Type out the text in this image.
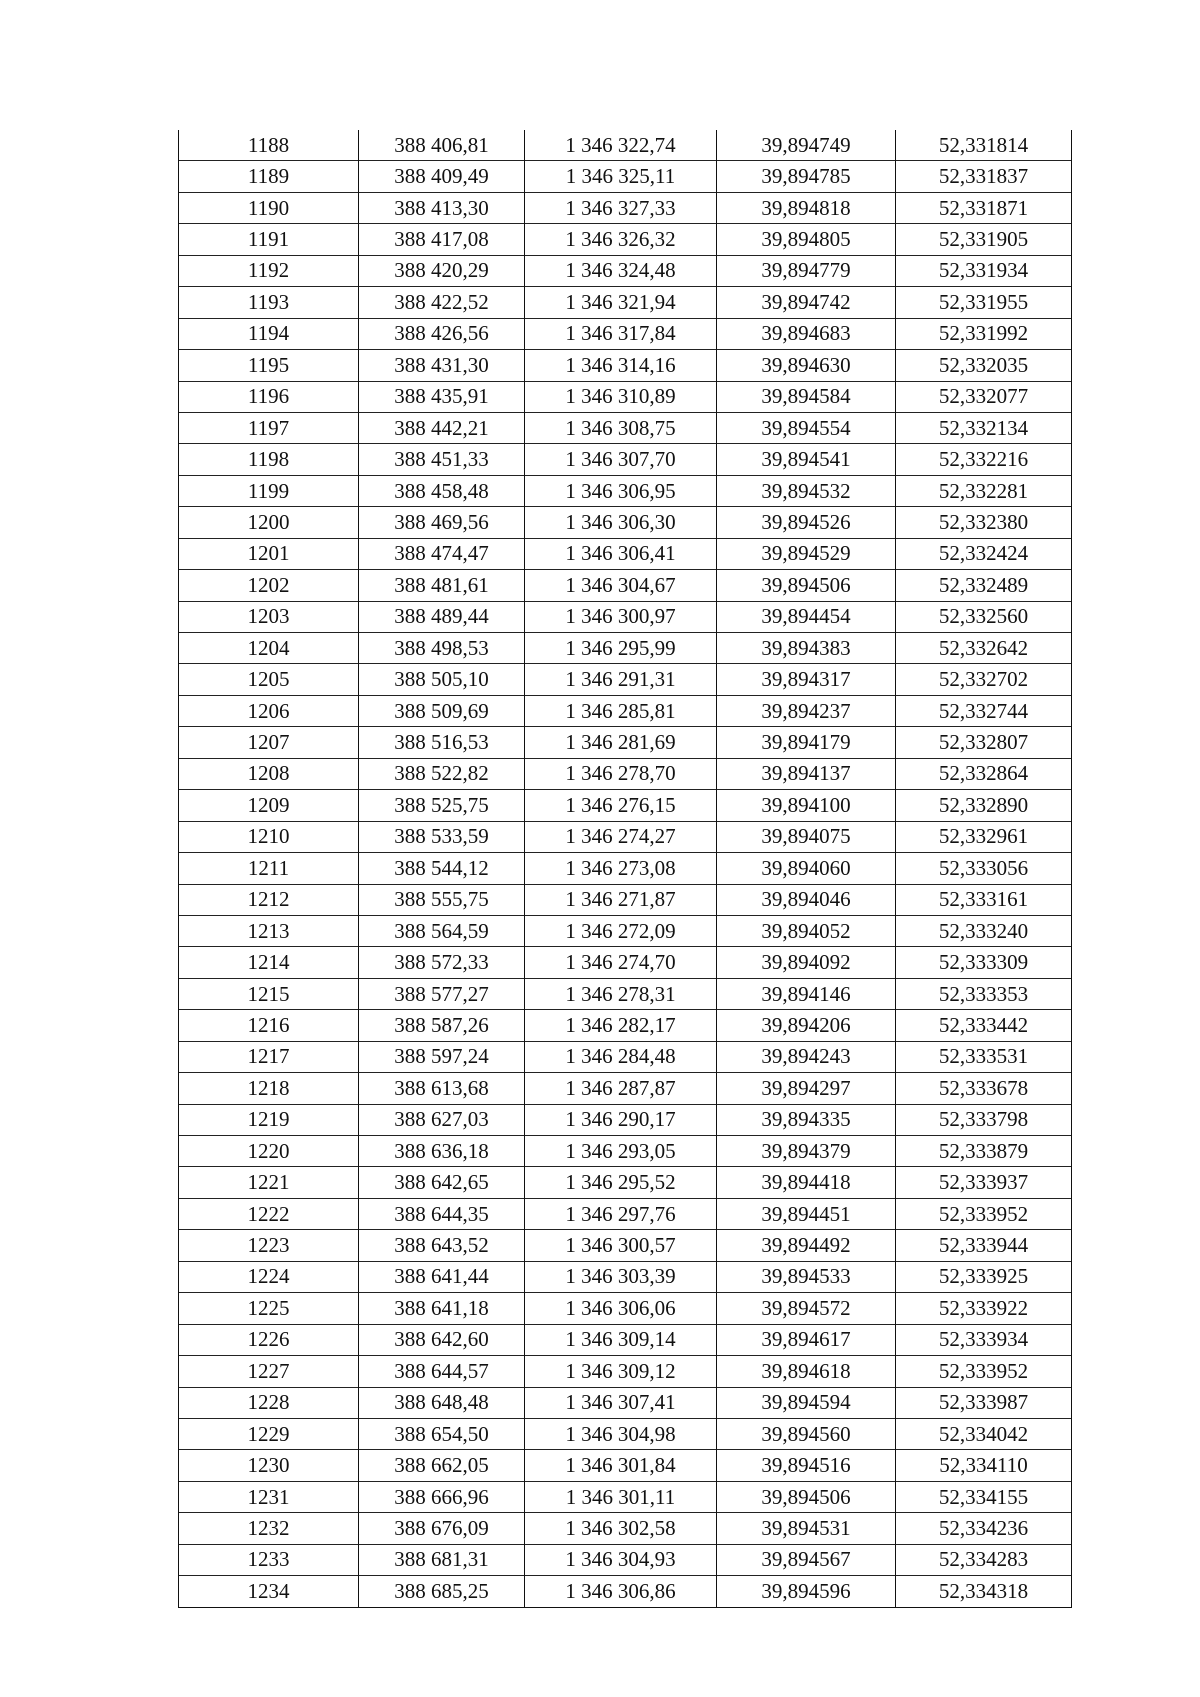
1188	388 406,81	1 346 322,74	39,894749	52,331814
1189	388 409,49	1 346 325,11	39,894785	52,331837
1190	388 413,30	1 346 327,33	39,894818	52,331871
1191	388 417,08	1 346 326,32	39,894805	52,331905
1192	388 420,29	1 346 324,48	39,894779	52,331934
1193	388 422,52	1 346 321,94	39,894742	52,331955
1194	388 426,56	1 346 317,84	39,894683	52,331992
1195	388 431,30	1 346 314,16	39,894630	52,332035
1196	388 435,91	1 346 310,89	39,894584	52,332077
1197	388 442,21	1 346 308,75	39,894554	52,332134
1198	388 451,33	1 346 307,70	39,894541	52,332216
1199	388 458,48	1 346 306,95	39,894532	52,332281
1200	388 469,56	1 346 306,30	39,894526	52,332380
1201	388 474,47	1 346 306,41	39,894529	52,332424
1202	388 481,61	1 346 304,67	39,894506	52,332489
1203	388 489,44	1 346 300,97	39,894454	52,332560
1204	388 498,53	1 346 295,99	39,894383	52,332642
1205	388 505,10	1 346 291,31	39,894317	52,332702
1206	388 509,69	1 346 285,81	39,894237	52,332744
1207	388 516,53	1 346 281,69	39,894179	52,332807
1208	388 522,82	1 346 278,70	39,894137	52,332864
1209	388 525,75	1 346 276,15	39,894100	52,332890
1210	388 533,59	1 346 274,27	39,894075	52,332961
1211	388 544,12	1 346 273,08	39,894060	52,333056
1212	388 555,75	1 346 271,87	39,894046	52,333161
1213	388 564,59	1 346 272,09	39,894052	52,333240
1214	388 572,33	1 346 274,70	39,894092	52,333309
1215	388 577,27	1 346 278,31	39,894146	52,333353
1216	388 587,26	1 346 282,17	39,894206	52,333442
1217	388 597,24	1 346 284,48	39,894243	52,333531
1218	388 613,68	1 346 287,87	39,894297	52,333678
1219	388 627,03	1 346 290,17	39,894335	52,333798
1220	388 636,18	1 346 293,05	39,894379	52,333879
1221	388 642,65	1 346 295,52	39,894418	52,333937
1222	388 644,35	1 346 297,76	39,894451	52,333952
1223	388 643,52	1 346 300,57	39,894492	52,333944
1224	388 641,44	1 346 303,39	39,894533	52,333925
1225	388 641,18	1 346 306,06	39,894572	52,333922
1226	388 642,60	1 346 309,14	39,894617	52,333934
1227	388 644,57	1 346 309,12	39,894618	52,333952
1228	388 648,48	1 346 307,41	39,894594	52,333987
1229	388 654,50	1 346 304,98	39,894560	52,334042
1230	388 662,05	1 346 301,84	39,894516	52,334110
1231	388 666,96	1 346 301,11	39,894506	52,334155
1232	388 676,09	1 346 302,58	39,894531	52,334236
1233	388 681,31	1 346 304,93	39,894567	52,334283
1234	388 685,25	1 346 306,86	39,894596	52,334318
